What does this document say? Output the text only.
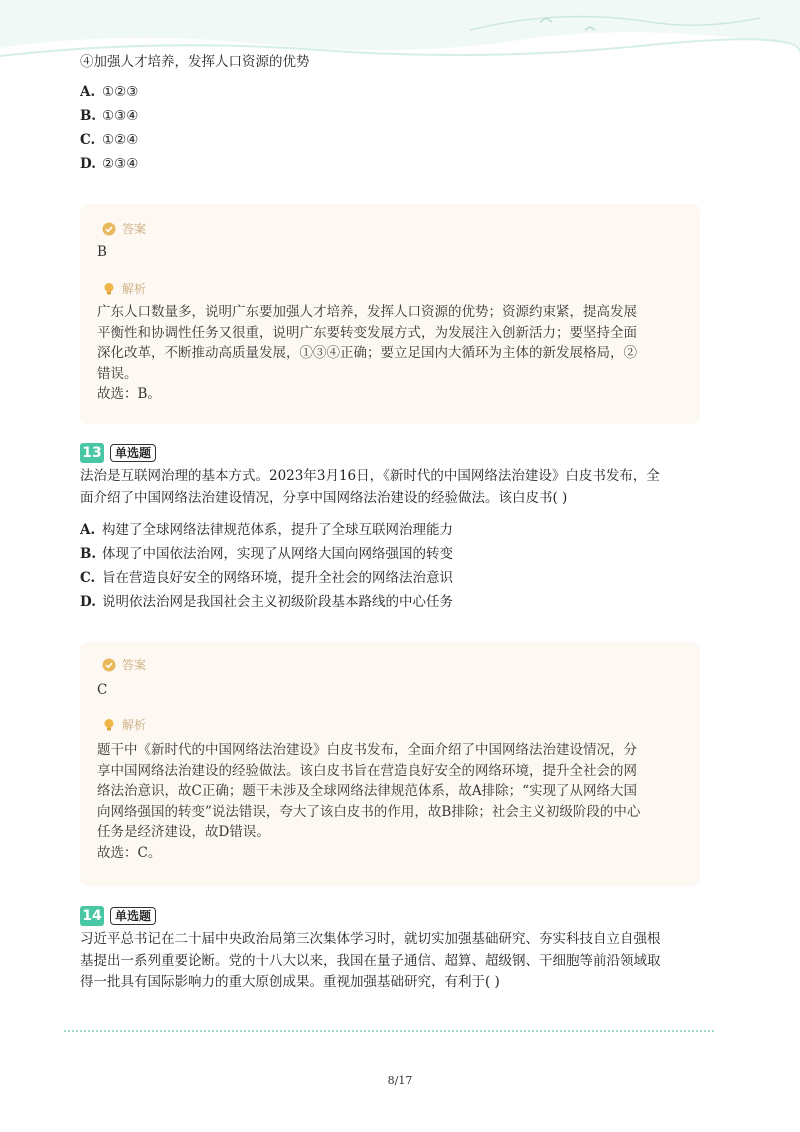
④加强人才培养，发挥人口资源的优势
A. ①②③
B. ①③④
C. ①②④
D. ②③④
答案
B
解析
广东人口数量多，说明广东要加强人才培养，发挥人口资源的优势；资源约束紧，提高发展
平衡性和协调性任务又很重，说明广东要转变发展方式，为发展注入创新活力；要坚持全面
深化改革，不断推动高质量发展，①③④正确；要立足国内大循环为主体的新发展格局，②
错误。
故选：B。
13	单选题
法治是互联网治理的基本方式。2023年3月16日，《新时代的中国网络法治建设》白皮书发布，全
面介绍了中国网络法治建设情况，分享中国网络法治建设的经验做法。该白皮书( )
A. 构建了全球网络法律规范体系，提升了全球互联网治理能力
B. 体现了中国依法治网，实现了从网络大国向网络强国的转变
C. 旨在营造良好安全的网络环境，提升全社会的网络法治意识
D. 说明依法治网是我国社会主义初级阶段基本路线的中心任务
答案
C
解析
题干中《新时代的中国网络法治建设》白皮书发布，全面介绍了中国网络法治建设情况，分
享中国网络法治建设的经验做法。该白皮书旨在营造良好安全的网络环境，提升全社会的网
络法治意识，故C正确；题干未涉及全球网络法律规范体系，故A排除；“实现了从网络大国
向网络强国的转变”说法错误，夸大了该白皮书的作用，故B排除；社会主义初级阶段的中心
任务是经济建设，故D错误。
故选：C。
14	单选题
习近平总书记在二十届中央政治局第三次集体学习时，就切实加强基础研究、夯实科技自立自强根
基提出一系列重要论断。党的十八大以来，我国在量子通信、超算、超级钢、干细胞等前沿领域取
得一批具有国际影响力的重大原创成果。重视加强基础研究，有利于( )
8/17
